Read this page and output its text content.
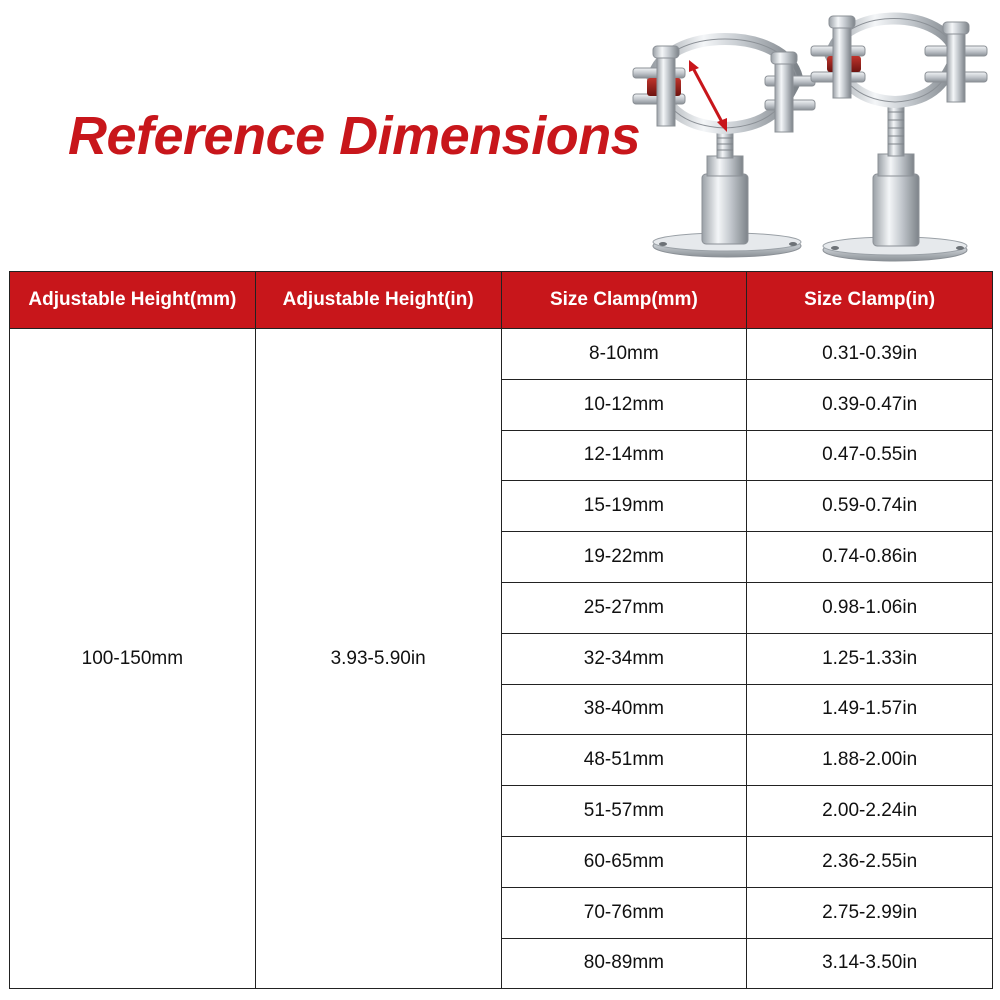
Reference Dimensions
Adjustable Height(mm)	Adjustable Height(in)	Size Clamp(mm)	Size Clamp(in)
100-150mm	3.93-5.90in	8-10mm	0.31-0.39in
		10-12mm	0.39-0.47in
		12-14mm	0.47-0.55in
		15-19mm	0.59-0.74in
		19-22mm	0.74-0.86in
		25-27mm	0.98-1.06in
		32-34mm	1.25-1.33in
		38-40mm	1.49-1.57in
		48-51mm	1.88-2.00in
		51-57mm	2.00-2.24in
		60-65mm	2.36-2.55in
		70-76mm	2.75-2.99in
		80-89mm	3.14-3.50in
